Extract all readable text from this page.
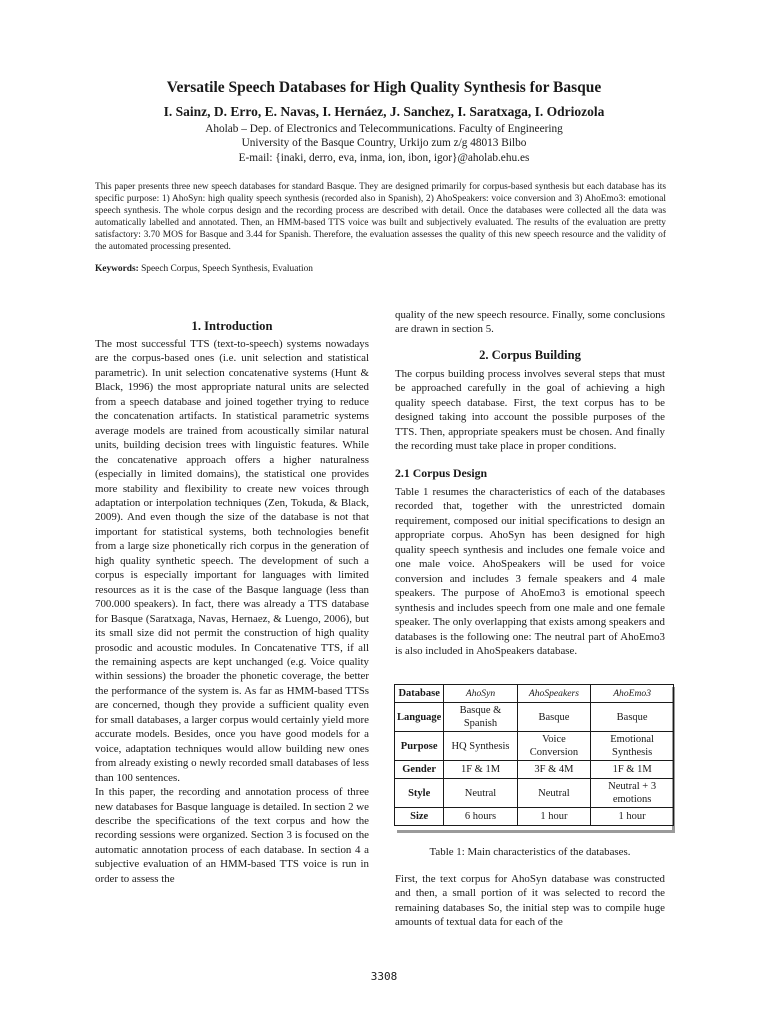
Versatile Speech Databases for High Quality Synthesis for Basque
I. Sainz, D. Erro, E. Navas, I. Hernáez, J. Sanchez, I. Saratxaga, I. Odriozola
Aholab – Dep. of Electronics and Telecommunications. Faculty of Engineering
University of the Basque Country, Urkijo zum z/g 48013 Bilbo
E-mail: {inaki, derro, eva, inma, ion, ibon, igor}@aholab.ehu.es
This paper presents three new speech databases for standard Basque. They are designed primarily for corpus-based synthesis but each database has its specific purpose: 1) AhoSyn: high quality speech synthesis (recorded also in Spanish), 2) AhoSpeakers: voice conversion and 3) AhoEmo3: emotional speech synthesis. The whole corpus design and the recording process are described with detail. Once the databases were collected all the data was automatically labelled and annotated. Then, an HMM-based TTS voice was built and subjectively evaluated. The results of the evaluation are pretty satisfactory: 3.70 MOS for Basque and 3.44 for Spanish. Therefore, the evaluation assesses the quality of this new speech resource and the validity of the automated processing presented.
Keywords: Speech Corpus, Speech Synthesis, Evaluation
1. Introduction

The most successful TTS (text-to-speech) systems nowadays are the corpus-based ones (i.e. unit selection and statistical parametric). In unit selection concatenative systems (Hunt & Black, 1996) the most appropriate natural units are selected from a speech database and joined together trying to reduce the concatenation artifacts. In statistical parametric systems average models are trained from acoustically similar natural units, building decision trees with linguistic features. While the concatenative approach offers a higher naturalness (especially in limited domains), the statistical one provides more stability and flexibility to create new voices through adaptation or interpolation techniques (Zen, Tokuda, & Black, 2009). And even though the size of the database is not that important for statistical systems, both technologies benefit from a large size phonetically rich corpus in the generation of high quality synthetic speech. The development of such a corpus is especially important for languages with limited resources as it is the case of the Basque language (less than 700.000 speakers). In fact, there was already a TTS database for Basque (Saratxaga, Navas, Hernaez, & Luengo, 2006), but its small size did not permit the construction of high quality prosodic and acoustic modules. In Concatenative TTS, if all the remaining aspects are kept unchanged (e.g. Voice quality within sessions) the broader the phonetic coverage, the better the performance of the system is. As far as HMM-based TTSs are concerned, though they provide a sufficient quality even for small databases, a larger corpus would certainly yield more accurate models. Besides, once you have good models for a voice, adaptation techniques would allow building new ones from already existing o newly recorded small databases of less than 100 sentences.

In this paper, the recording and annotation process of three new databases for Basque language is detailed. In section 2 we describe the specifications of the text corpus and how the recording sessions were organized. Section 3 is focused on the automatic annotation process of each database. In section 4 a subjective evaluation of an HMM-based TTS voice is run in order to assess the

quality of the new speech resource. Finally, some conclusions are drawn in section 5.
2. Corpus Building
The corpus building process involves several steps that must be approached carefully in the goal of achieving a high quality speech database. First, the text corpus has to be designed taking into account the possible purposes of the TTS. Then, appropriate speakers must be chosen. And finally the recording must take place in proper conditions.
2.1 Corpus Design
Table 1 resumes the characteristics of each of the databases recorded that, together with the unrestricted domain requirement, composed our initial specifications to design an appropriate corpus. AhoSyn has been designed for high quality speech synthesis and includes one female voice and one male voice. AhoSpeakers will be used for voice conversion and includes 3 female speakers and 4 male speakers. The purpose of AhoEmo3 is emotional speech synthesis and includes speech from one male and one female speaker. The only overlapping that exists among speakers and databases is the following one: The neutral part of AhoEmo3 is also included in AhoSpeakers database.
Database	AhoSyn	AhoSpeakers	AhoEmo3
Language	Basque & Spanish	Basque	Basque
Purpose	HQ Synthesis	Voice Conversion	Emotional Synthesis
Gender	1F & 1M	3F & 4M	1F & 1M
Style	Neutral	Neutral	Neutral + 3 emotions
Size	6 hours	1 hour	1 hour
Table 1: Main characteristics of the databases.
First, the text corpus for AhoSyn database was constructed and then, a small portion of it was selected to record the remaining databases So, the initial step was to compile huge amounts of textual data for each of the
3308
